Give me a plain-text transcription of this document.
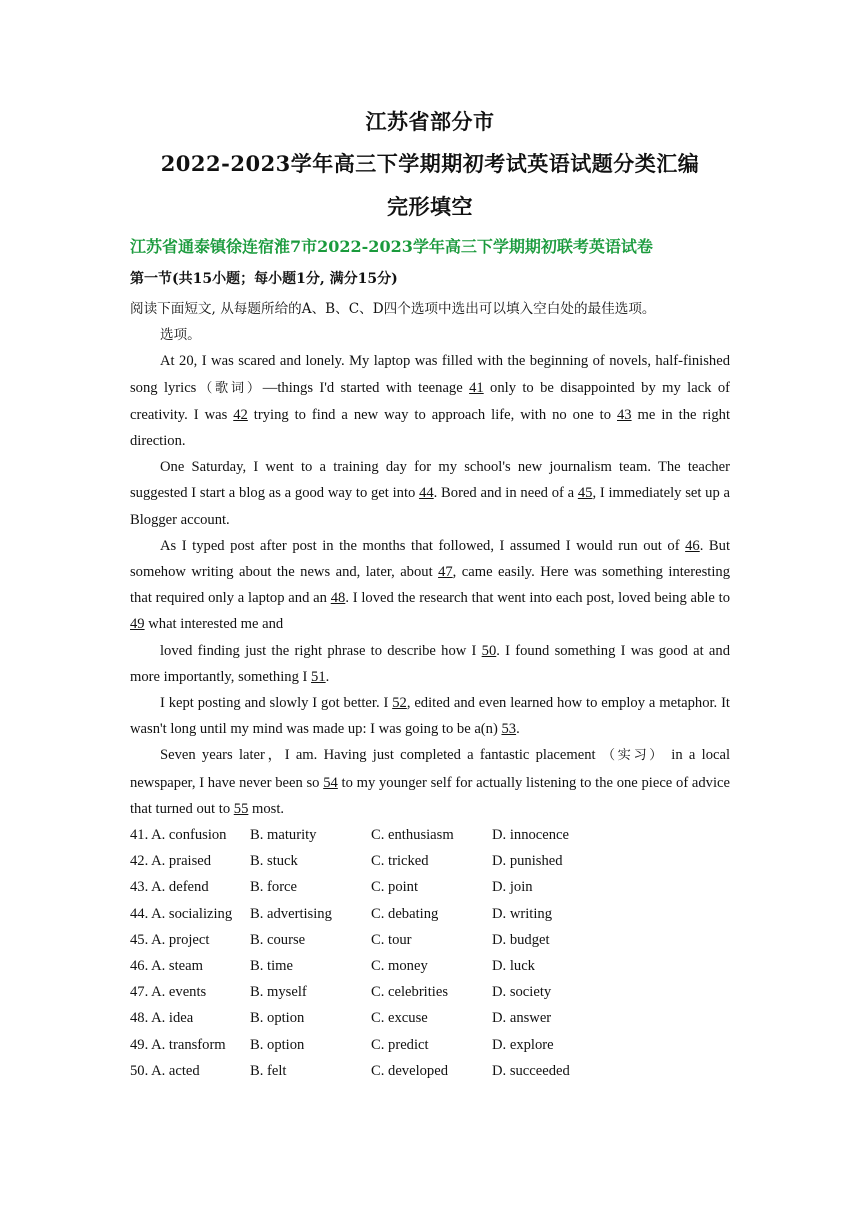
江苏省部分市
2022-2023学年高三下学期期初考试英语试题分类汇编
完形填空
江苏省通泰镇徐连宿淮7市2022-2023学年高三下学期期初联考英语试卷
第一节(共15小题；每小题1分, 满分15分)

阅读下面短文, 从每题所给的A、B、C、D四个选项中选出可以填入空白处的最佳选项。

选项。

At 20, I was scared and lonely. My laptop was filled with the beginning of novels, half-finished song lyrics（歌词）—things I'd started with teenage 41 only to be disappointed by my lack of creativity. I was 42 trying to find a new way to approach life, with no one to 43 me in the right direction.

One Saturday, I went to a training day for my school's new journalism team. The teacher suggested I start a blog as a good way to get into 44. Bored and in need of a 45, I immediately set up a Blogger account.

As I typed post after post in the months that followed, I assumed I would run out of 46. But somehow writing about the news and, later, about 47, came easily. Here was something interesting that required only a laptop and an 48. I loved the research that went into each post, loved being able to 49 what interested me and

loved finding just the right phrase to describe how I 50. I found something I was good at and more importantly, something I 51.

I kept posting and slowly I got better. I 52, edited and even learned how to employ a metaphor. It wasn't long until my mind was made up: I was going to be a(n) 53.

Seven years later，I am. Having just completed a fantastic placement （实习） in a local newspaper, I have never been so 54 to my younger self for actually listening to the one piece of advice that turned out to 55 most.

41. A. confusion	B. maturity	C. enthusiasm	D. innocence
42. A. praised	B. stuck	C. tricked	D. punished
43. A. defend	B. force	C. point	D. join
44. A. socializing	B. advertising	C. debating	D. writing
45. A. project	B. course	C. tour	D. budget
46. A. steam	B. time	C. money	D. luck
47. A. events	B. myself	C. celebrities	D. society
48. A. idea	B. option	C. excuse	D. answer
49. A. transform	B. option	C. predict	D. explore
50. A. acted	B. felt	C. developed	D. succeeded
